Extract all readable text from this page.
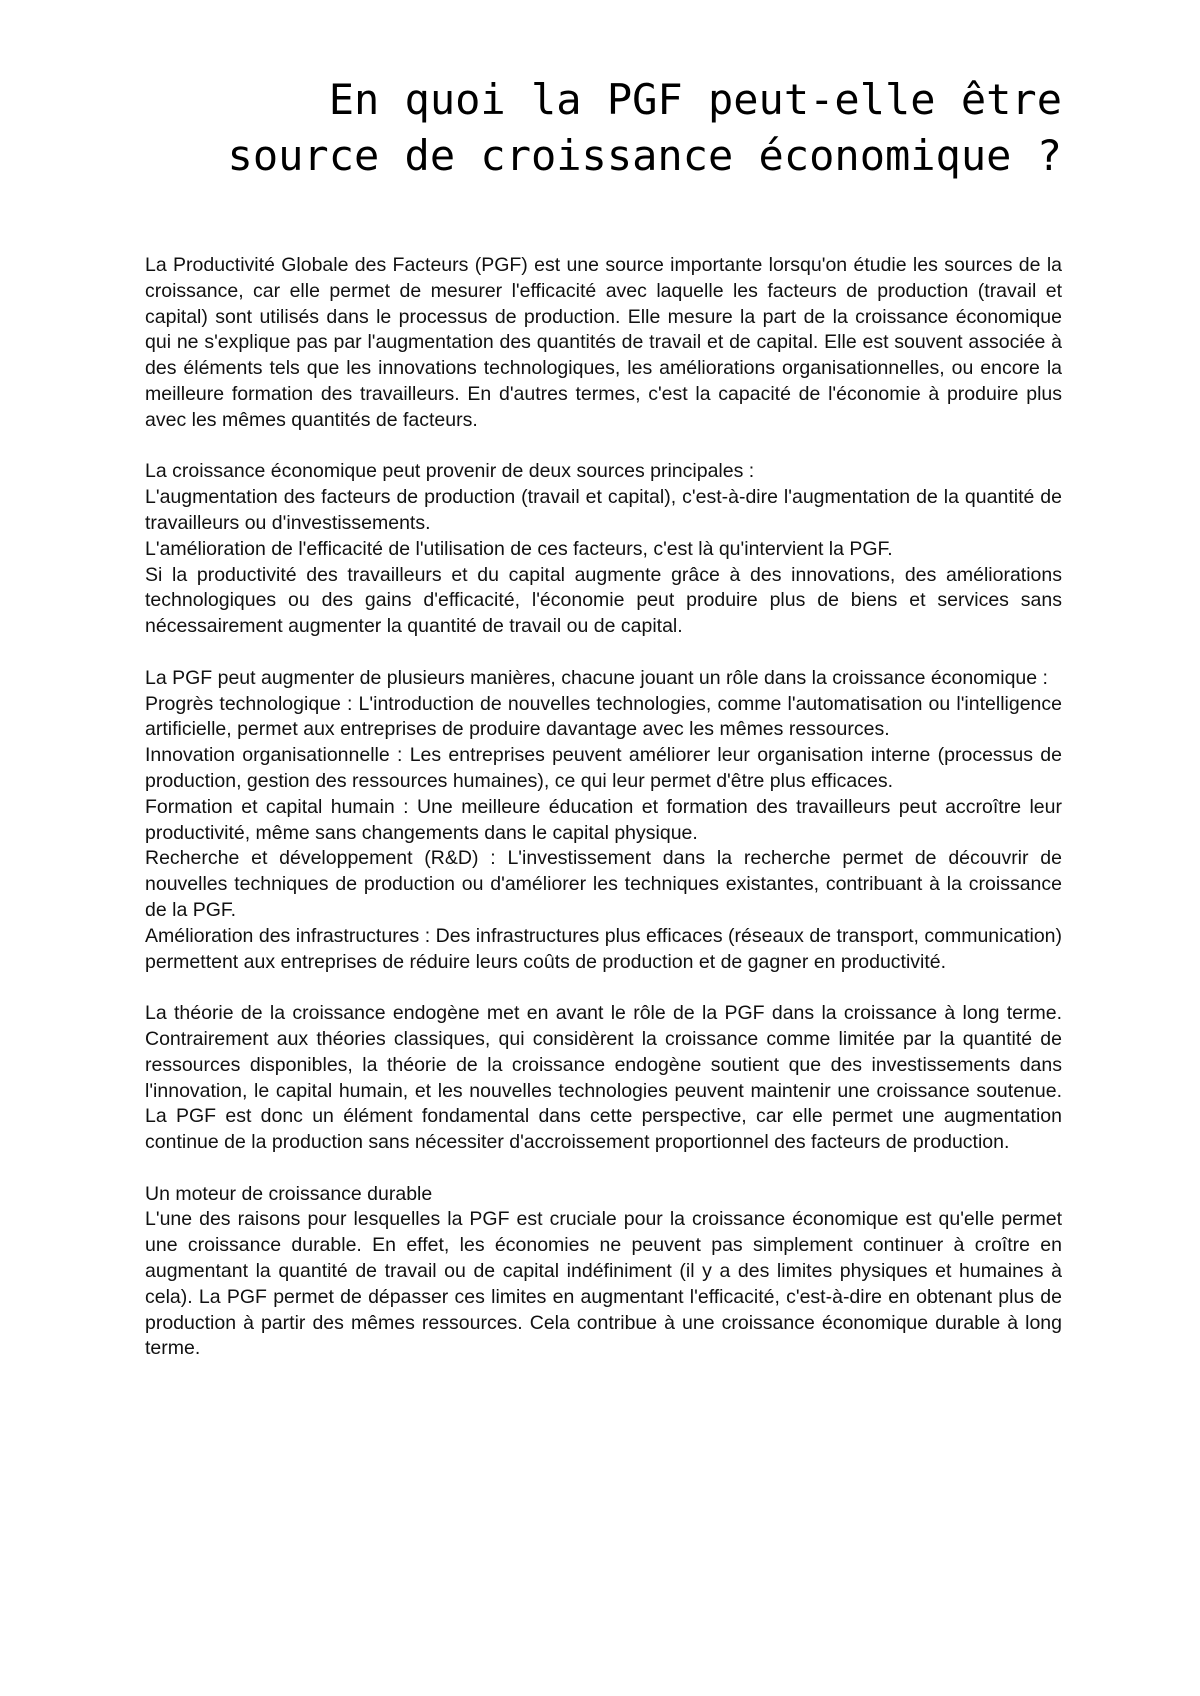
En quoi la PGF peut-elle être
source de croissance économique ?

La Productivité Globale des Facteurs (PGF) est une source importante lorsqu'on étudie les sources de la croissance, car elle permet de mesurer l'efficacité avec laquelle les facteurs de production (travail et capital) sont utilisés dans le processus de production. Elle mesure la part de la croissance économique qui ne s'explique pas par l'augmentation des quantités de travail et de capital. Elle est souvent associée à des éléments tels que les innovations technologiques, les améliorations organisationnelles, ou encore la meilleure formation des travailleurs. En d'autres termes, c'est la capacité de l'économie à produire plus avec les mêmes quantités de facteurs.

La croissance économique peut provenir de deux sources principales :

L'augmentation des facteurs de production (travail et capital), c'est-à-dire l'augmentation de la quantité de travailleurs ou d'investissements.

L'amélioration de l'efficacité de l'utilisation de ces facteurs, c'est là qu'intervient la PGF.

Si la productivité des travailleurs et du capital augmente grâce à des innovations, des améliorations technologiques ou des gains d'efficacité, l'économie peut produire plus de biens et services sans nécessairement augmenter la quantité de travail ou de capital.

La PGF peut augmenter de plusieurs manières, chacune jouant un rôle dans la croissance économique :

Progrès technologique : L'introduction de nouvelles technologies, comme l'automatisation ou l'intelligence artificielle, permet aux entreprises de produire davantage avec les mêmes ressources.

Innovation organisationnelle : Les entreprises peuvent améliorer leur organisation interne (processus de production, gestion des ressources humaines), ce qui leur permet d'être plus efficaces.

Formation et capital humain : Une meilleure éducation et formation des travailleurs peut accroître leur productivité, même sans changements dans le capital physique.

Recherche et développement (R&D) : L'investissement dans la recherche permet de découvrir de nouvelles techniques de production ou d'améliorer les techniques existantes, contribuant à la croissance de la PGF.

Amélioration des infrastructures : Des infrastructures plus efficaces (réseaux de transport, communication) permettent aux entreprises de réduire leurs coûts de production et de gagner en productivité.

La théorie de la croissance endogène met en avant le rôle de la PGF dans la croissance à long terme. Contrairement aux théories classiques, qui considèrent la croissance comme limitée par la quantité de ressources disponibles, la théorie de la croissance endogène soutient que des investissements dans l'innovation, le capital humain, et les nouvelles technologies peuvent maintenir une croissance soutenue. La PGF est donc un élément fondamental dans cette perspective, car elle permet une augmentation continue de la production sans nécessiter d'accroissement proportionnel des facteurs de production.

Un moteur de croissance durable

L'une des raisons pour lesquelles la PGF est cruciale pour la croissance économique est qu'elle permet une croissance durable. En effet, les économies ne peuvent pas simplement continuer à croître en augmentant la quantité de travail ou de capital indéfiniment (il y a des limites physiques et humaines à cela). La PGF permet de dépasser ces limites en augmentant l'efficacité, c'est-à-dire en obtenant plus de production à partir des mêmes ressources. Cela contribue à une croissance économique durable à long terme.
